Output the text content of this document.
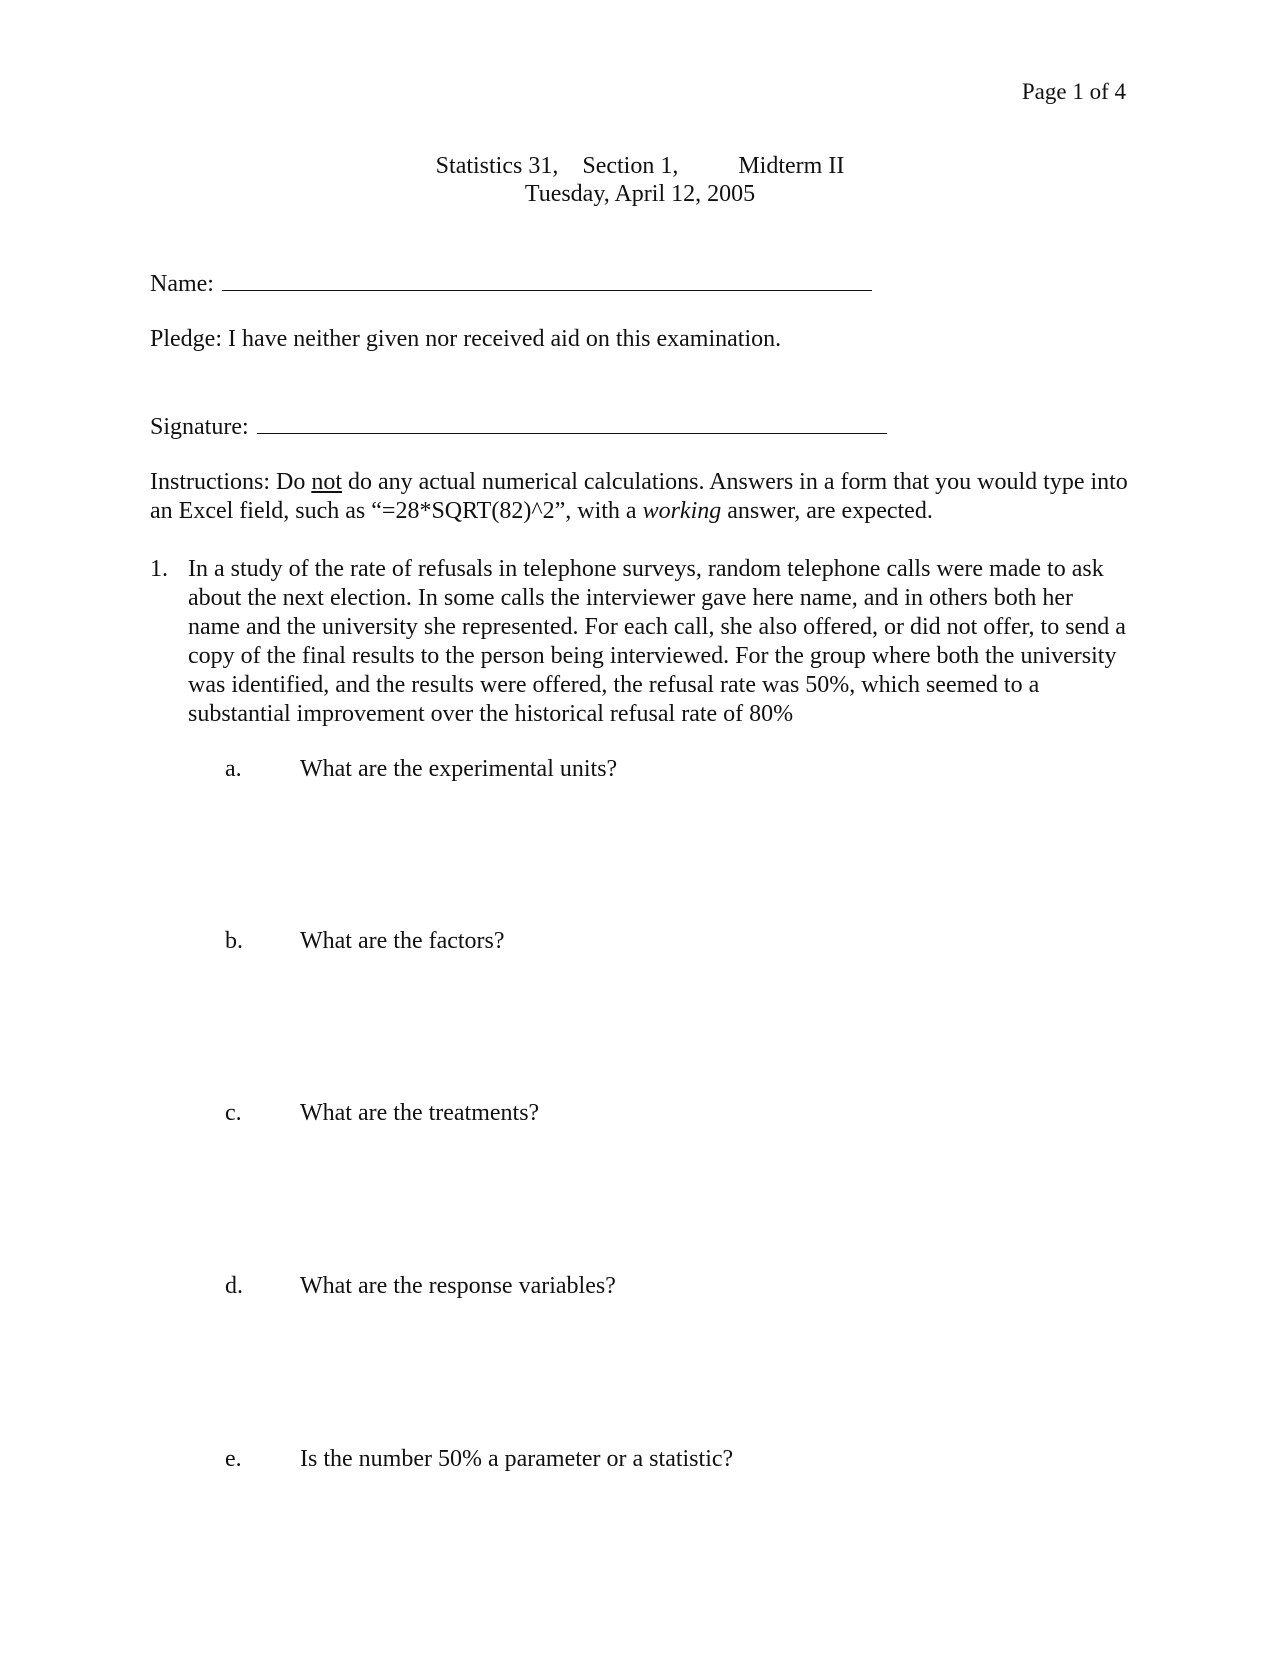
Page 1 of 4
Statistics 31,    Section 1,          Midterm II
Tuesday, April 12, 2005
Name:
Pledge: I have neither given nor received aid on this examination.
Signature:
Instructions: Do not do any actual numerical calculations. Answers in a form that you would type into an Excel field, such as “=28*SQRT(82)^2”, with a working answer, are expected.
1. In a study of the rate of refusals in telephone surveys, random telephone calls were made to ask about the next election. In some calls the interviewer gave here name, and in others both her name and the university she represented. For each call, she also offered, or did not offer, to send a copy of the final results to the person being interviewed. For the group where both the university was identified, and the results were offered, the refusal rate was 50%, which seemed to a substantial improvement over the historical refusal rate of 80%
a. What are the experimental units?
b. What are the factors?
c. What are the treatments?
d. What are the response variables?
e. Is the number 50% a parameter or a statistic?
